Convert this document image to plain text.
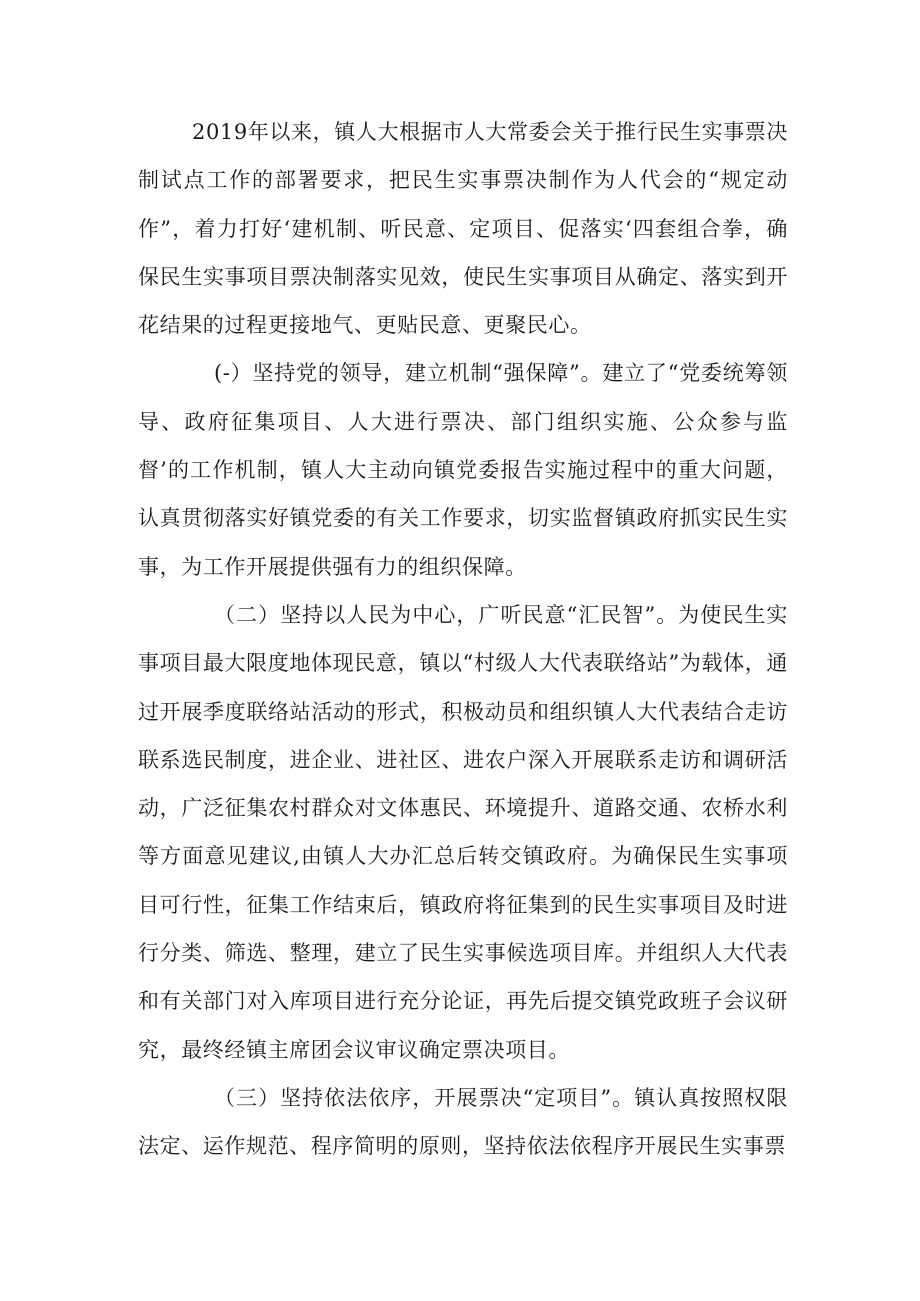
2019年以来，镇人大根据市人大常委会关于推行民生实事票决制试点工作的部署要求，把民生实事票决制作为人代会的“规定动作”，着力打好‘建机制、听民意、定项目、促落实‘四套组合拳，确保民生实事项目票决制落实见效，使民生实事项目从确定、落实到开花结果的过程更接地气、更贴民意、更聚民心。

(-）坚持党的领导，建立机制“强保障”。建立了“党委统筹领导、政府征集项目、人大进行票决、部门组织实施、公众参与监督’的工作机制，镇人大主动向镇党委报告实施过程中的重大问题，认真贯彻落实好镇党委的有关工作要求，切实监督镇政府抓实民生实事，为工作开展提供强有力的组织保障。

（二）坚持以人民为中心，广听民意“汇民智”。为使民生实事项目最大限度地体现民意，镇以“村级人大代表联络站”为载体，通过开展季度联络站活动的形式，积极动员和组织镇人大代表结合走访联系选民制度，进企业、进社区、进农户深入开展联系走访和调研活动，广泛征集农村群众对文体惠民、环境提升、道路交通、农桥水利等方面意见建议,由镇人大办汇总后转交镇政府。为确保民生实事项目可行性，征集工作结束后，镇政府将征集到的民生实事项目及时进行分类、筛选、整理，建立了民生实事候选项目库。并组织人大代表和有关部门对入库项目进行充分论证，再先后提交镇党政班子会议研究，最终经镇主席团会议审议确定票决项目。

（三）坚持依法依序，开展票决“定项目”。镇认真按照权限法定、运作规范、程序简明的原则，坚持依法依程序开展民生实事票
